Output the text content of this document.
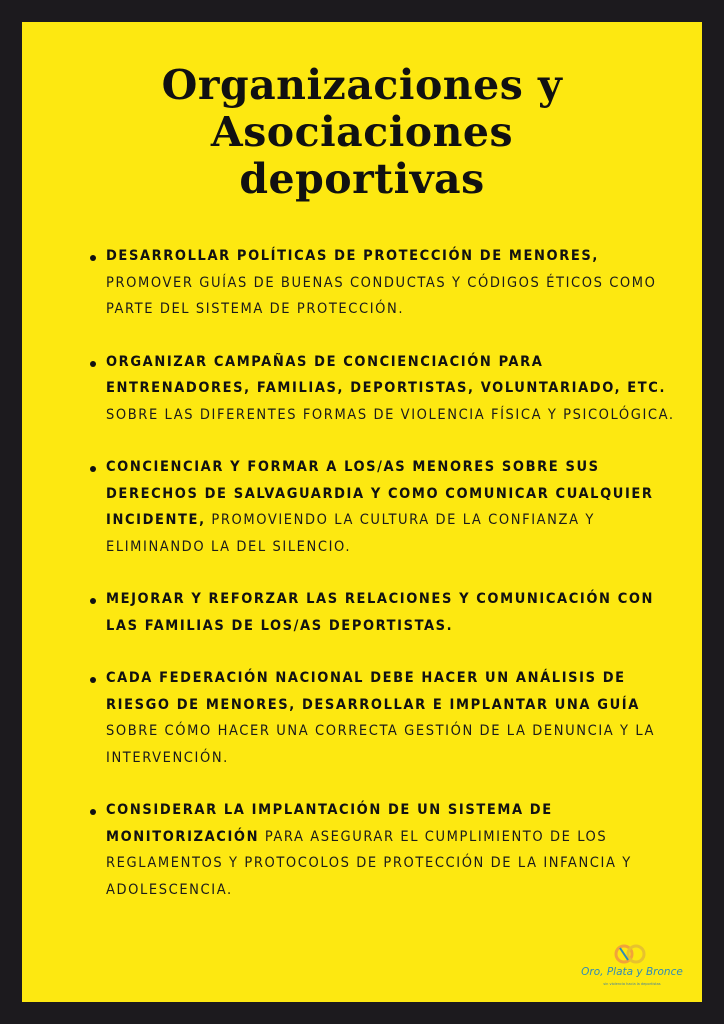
Organizaciones y
Asociaciones
deportivas
DESARROLLAR POLÍTICAS DE PROTECCIÓN DE MENORES, PROMOVER GUÍAS DE BUENAS CONDUCTAS Y CÓDIGOS ÉTICOS COMO PARTE DEL SISTEMA DE PROTECCIÓN.
ORGANIZAR CAMPAÑAS DE CONCIENCIACIÓN PARA ENTRENADORES, FAMILIAS, DEPORTISTAS, VOLUNTARIADO, ETC. SOBRE LAS DIFERENTES FORMAS DE VIOLENCIA FÍSICA Y PSICOLÓGICA.
CONCIENCIAR Y FORMAR A LOS/AS MENORES SOBRE SUS DERECHOS DE SALVAGUARDIA Y COMO COMUNICAR CUALQUIER INCIDENTE, PROMOVIENDO LA CULTURA DE LA CONFIANZA Y ELIMINANDO LA DEL SILENCIO.
MEJORAR Y REFORZAR LAS RELACIONES Y COMUNICACIÓN CON LAS FAMILIAS DE LOS/AS DEPORTISTAS.
CADA FEDERACIÓN NACIONAL DEBE HACER UN ANÁLISIS DE RIESGO DE MENORES, DESARROLLAR E IMPLANTAR UNA GUÍA SOBRE CÓMO HACER UNA CORRECTA GESTIÓN DE LA DENUNCIA Y LA INTERVENCIÓN.
CONSIDERAR LA IMPLANTACIÓN DE UN SISTEMA DE MONITORIZACIÓN PARA ASEGURAR EL CUMPLIMIENTO DE LOS REGLAMENTOS Y PROTOCOLOS DE PROTECCIÓN DE LA INFANCIA Y ADOLESCENCIA.
Oro, Plata y Bronce
sin violencia hacia la deportistas
